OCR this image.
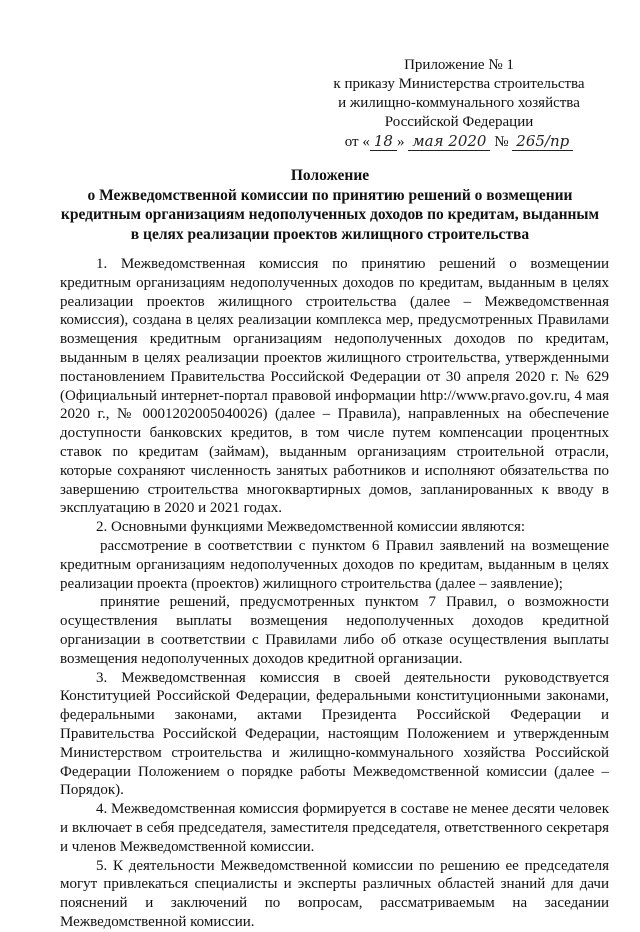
Приложение № 1
к приказу Министерства строительства
и жилищно-коммунального хозяйства
Российской Федерации
от « 18 » мая 2020 № 265/пр
Положение
о Межведомственной комиссии по принятию решений о возмещении
кредитным организациям недополученных доходов по кредитам, выданным
в целях реализации проектов жилищного строительства

1. Межведомственная комиссия по принятию решений о возмещении кредитным организациям недополученных доходов по кредитам, выданным в целях реализации проектов жилищного строительства (далее – Межведомственная комиссия), создана в целях реализации комплекса мер, предусмотренных Правилами возмещения кредитным организациям недополученных доходов по кредитам, выданным в целях реализации проектов жилищного строительства, утвержденными постановлением Правительства Российской Федерации от 30 апреля 2020 г. № 629 (Официальный интернет-портал правовой информации http://www.pravo.gov.ru, 4 мая 2020 г., № 0001202005040026) (далее – Правила), направленных на обеспечение доступности банковских кредитов, в том числе путем компенсации процентных ставок по кредитам (займам), выданным организациям строительной отрасли, которые сохраняют численность занятых работников и исполняют обязательства по завершению строительства многоквартирных домов, запланированных к вводу в эксплуатацию в 2020 и 2021 годах.

2. Основными функциями Межведомственной комиссии являются:

рассмотрение в соответствии с пунктом 6 Правил заявлений на возмещение кредитным организациям недополученных доходов по кредитам, выданным в целях реализации проекта (проектов) жилищного строительства (далее – заявление);

принятие решений, предусмотренных пунктом 7 Правил, о возможности осуществления выплаты возмещения недополученных доходов кредитной организации в соответствии с Правилами либо об отказе осуществления выплаты возмещения недополученных доходов кредитной организации.

3. Межведомственная комиссия в своей деятельности руководствуется Конституцией Российской Федерации, федеральными конституционными законами, федеральными законами, актами Президента Российской Федерации и Правительства Российской Федерации, настоящим Положением и утвержденным Министерством строительства и жилищно-коммунального хозяйства Российской Федерации Положением о порядке работы Межведомственной комиссии (далее – Порядок).

4. Межведомственная комиссия формируется в составе не менее десяти человек и включает в себя председателя, заместителя председателя, ответственного секретаря и членов Межведомственной комиссии.

5. К деятельности Межведомственной комиссии по решению ее председателя могут привлекаться специалисты и эксперты различных областей знаний для дачи пояснений и заключений по вопросам, рассматриваемым на заседании Межведомственной комиссии.
